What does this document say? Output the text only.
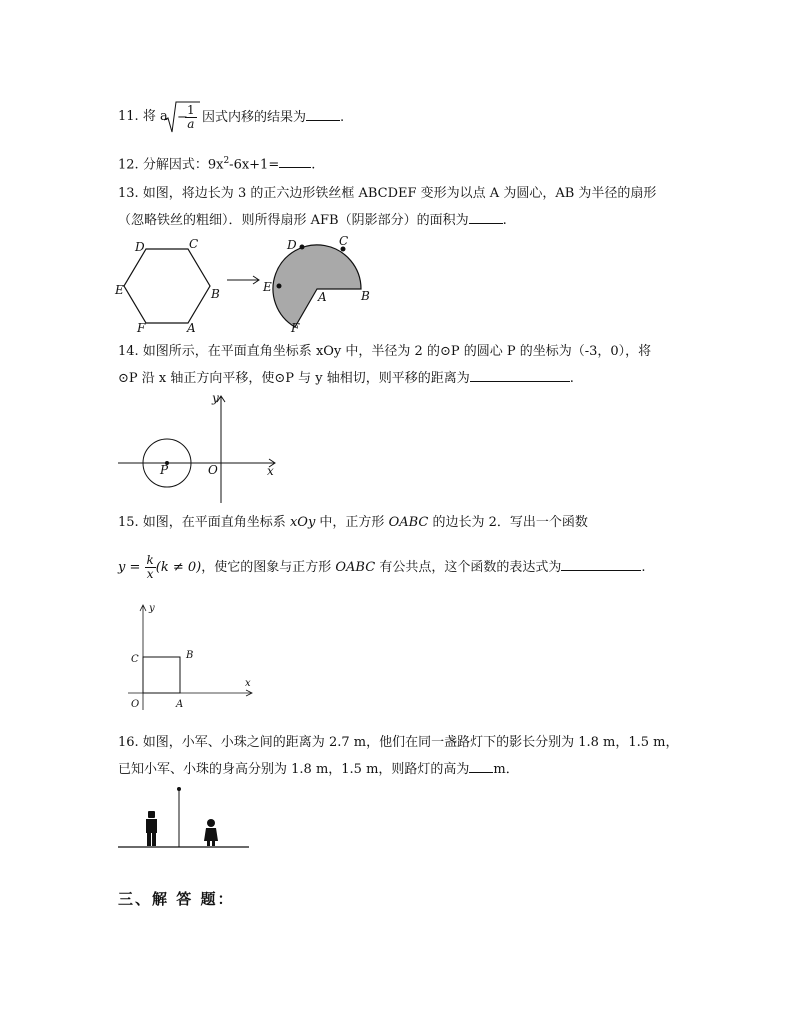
11. 将 a −
$\frac{1}{a}$ 因式内移的结果为	.
12. 分解因式：$9x^2-6x+1=$ .
13. 如图，将边长为 3 的正六边形铁丝框 ABCDEF 变形为以点 A 为圆心，AB 为半径的扇形
（忽略铁丝的粗细）．则所得扇形 AFB（阴影部分）的面积为	.
D	C
E	B
F	A
D	C
E
A	B
F
14. 如图所示，在平面直角坐标系 xOy 中，半径为 2 的⊙P 的圆心 P 的坐标为（-3，0），将
⊙P 沿 x 轴正方向平移，使⊙P 与 y 轴相切，则平移的距离为	.
y
x
O
P
15. 如图，在平面直角坐标系 xOy 中，正方形 OABC 的边长为 2．写出一个函数
$y = \frac{k}{x} (k \ne 0)$，使它的图象与正方形 OABC 有公共点，这个函数的表达式为	.
y
x
O	A
B
C
16. 如图，小军、小珠之间的距离为 2.7 m，他们在同一盏路灯下的影长分别为 1.8 m，1.5 m，
已知小军、小珠的身高分别为 1.8 m，1.5 m，则路灯的高为 m．
三、解 答 题：
